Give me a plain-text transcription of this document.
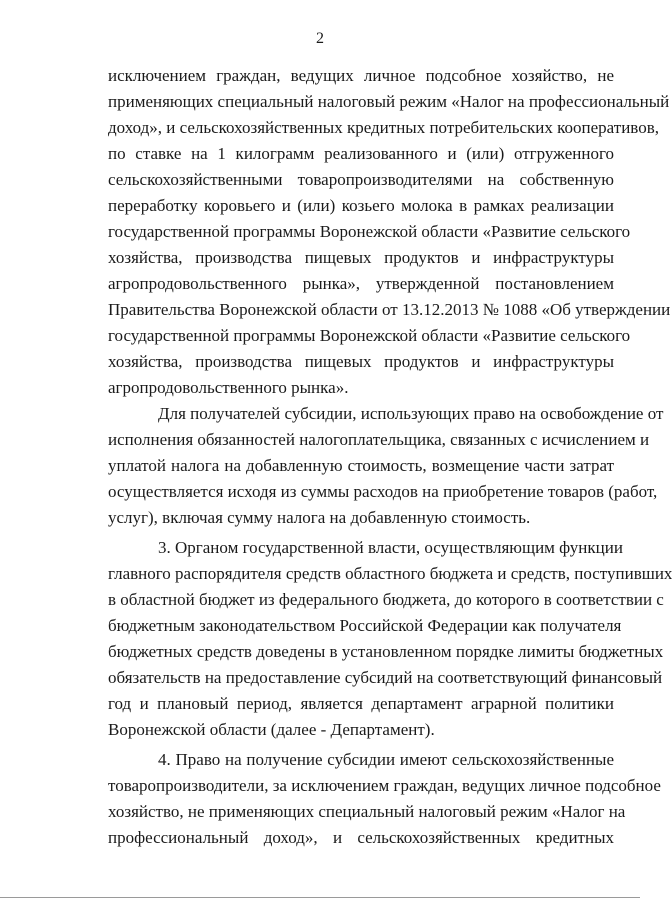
2
исключением граждан, ведущих личное подсобное хозяйство, не
применяющих специальный налоговый режим «Налог на профессиональный
доход», и сельскохозяйственных кредитных потребительских кооперативов,
по ставке на 1 килограмм реализованного и (или) отгруженного
сельскохозяйственными товаропроизводителями на собственную
переработку коровьего и (или) козьего молока в рамках реализации
государственной программы Воронежской области «Развитие сельского
хозяйства, производства пищевых продуктов и инфраструктуры
агропродовольственного рынка», утвержденной постановлением
Правительства Воронежской области от 13.12.2013 № 1088 «Об утверждении
государственной программы Воронежской области «Развитие сельского
хозяйства, производства пищевых продуктов и инфраструктуры
агропродовольственного рынка».
Для получателей субсидии, использующих право на освобождение от
исполнения обязанностей налогоплательщика, связанных с исчислением и
уплатой налога на добавленную стоимость, возмещение части затрат
осуществляется исходя из суммы расходов на приобретение товаров (работ,
услуг), включая сумму налога на добавленную стоимость.
3. Органом государственной власти, осуществляющим функции
главного распорядителя средств областного бюджета и средств, поступивших
в областной бюджет из федерального бюджета, до которого в соответствии с
бюджетным законодательством Российской Федерации как получателя
бюджетных средств доведены в установленном порядке лимиты бюджетных
обязательств на предоставление субсидий на соответствующий финансовый
год и плановый период, является департамент аграрной политики
Воронежской области (далее - Департамент).
4. Право на получение субсидии имеют сельскохозяйственные
товаропроизводители, за исключением граждан, ведущих личное подсобное
хозяйство, не применяющих специальный налоговый режим «Налог на
профессиональный доход», и сельскохозяйственных кредитных
